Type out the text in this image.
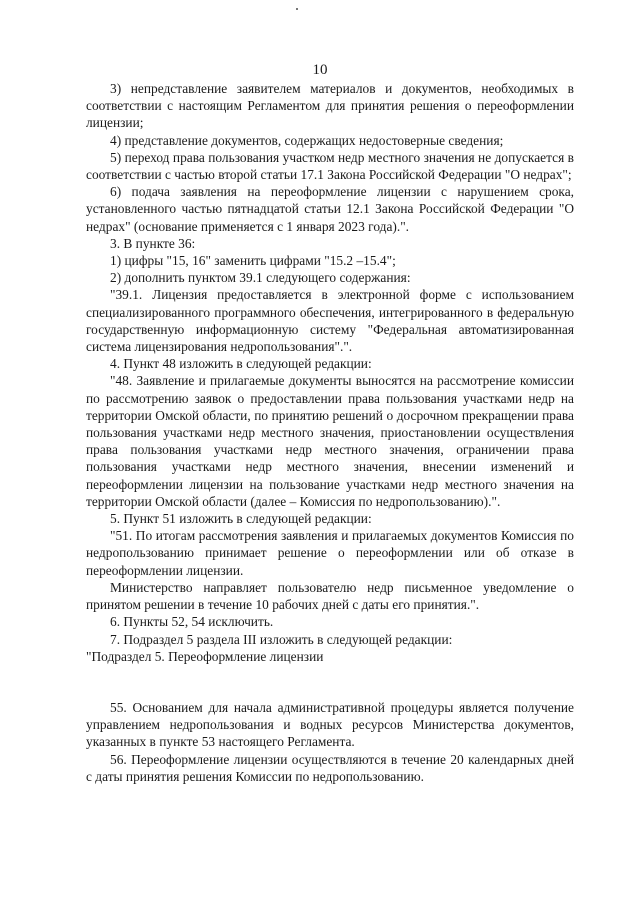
10

3) непредставление заявителем материалов и документов, необходимых в соответствии с настоящим Регламентом для принятия решения о переоформлении лицензии;

4) представление документов, содержащих недостоверные сведения;

5) переход права пользования участком недр местного значения не допускается в соответствии с частью второй статьи 17.1 Закона Российской Федерации "О недрах";

6) подача заявления на переоформление лицензии с нарушением срока, установленного частью пятнадцатой статьи 12.1 Закона Российской Федерации "О недрах" (основание применяется с 1 января 2023 года).".

3. В пункте 36:

1) цифры "15, 16" заменить цифрами "15.2 –15.4";

2) дополнить пунктом 39.1 следующего содержания:

"39.1. Лицензия предоставляется в электронной форме с использованием специализированного программного обеспечения, интегрированного в федеральную государственную информационную систему "Федеральная автоматизированная система лицензирования недропользования".".

4. Пункт 48 изложить в следующей редакции:

"48. Заявление и прилагаемые документы выносятся на рассмотрение комиссии по рассмотрению заявок о предоставлении права пользования участками недр на территории Омской области, по принятию решений о досрочном прекращении права пользования участками недр местного значения, приостановлении осуществления права пользования участками недр местного значения, ограничении права пользования участками недр местного значения, внесении изменений и переоформлении лицензии на пользование участками недр местного значения на территории Омской области (далее – Комиссия по недропользованию).".

5. Пункт 51 изложить в следующей редакции:

"51. По итогам рассмотрения заявления и прилагаемых документов Комиссия по недропользованию принимает решение о переоформлении или об отказе в переоформлении лицензии.

Министерство направляет пользователю недр письменное уведомление о принятом решении в течение 10 рабочих дней с даты его принятия.".

6. Пункты 52, 54 исключить.

7. Подраздел 5 раздела III изложить в следующей редакции:

"Подраздел 5. Переоформление лицензии

55. Основанием для начала административной процедуры является получение управлением недропользования и водных ресурсов Министерства документов, указанных в пункте 53 настоящего Регламента.

56. Переоформление лицензии осуществляются в течение 20 календарных дней с даты принятия решения Комиссии по недропользованию.
